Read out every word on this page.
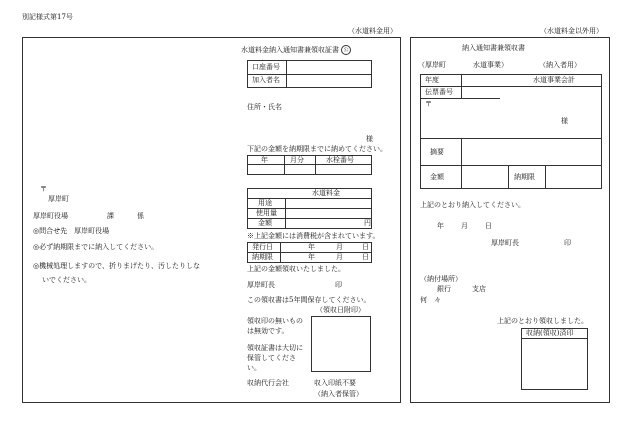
別記様式第17号
（水道料金用）	（水道料金以外用）
〒
厚岸町
厚岸町役場	課	係
◎問合せ先　厚岸町役場
◎必ず納期限までに納入してください。
◎機械処理しますので、折りまげたり、汚したりしな
いでください。
水道料金納入通知書兼領収証書 公
口座番号
加入者名
住所・氏名
様
下記の金額を納期限までに納めてください。
年	月分	水栓番号
水道料金
用途
使用量
金額	円
※上記金額には消費税が含まれています。
発行日	年	月	日
納期限	年	月	日
上記の金額領収いたしました。
厚岸町長	印
この領収書は5年間保存してください。
（領収日附印）
領収印の無いもの
は無効です。
領収証書は大切に
保管してくださ
い。
収納代行会社	収入印紙不要
（納入者保管）
納入通知書兼領収書
（厚岸町	水道事業）	（納入者用）
年度	水道事業会計
伝票番号
〒
様
摘要
金額	納期限
上記のとおり納入してください。
年 月 日
厚岸町長	印
（納付場所）
銀行	支店
何　々
上記のとおり領収しました。
収納(領収)済印
